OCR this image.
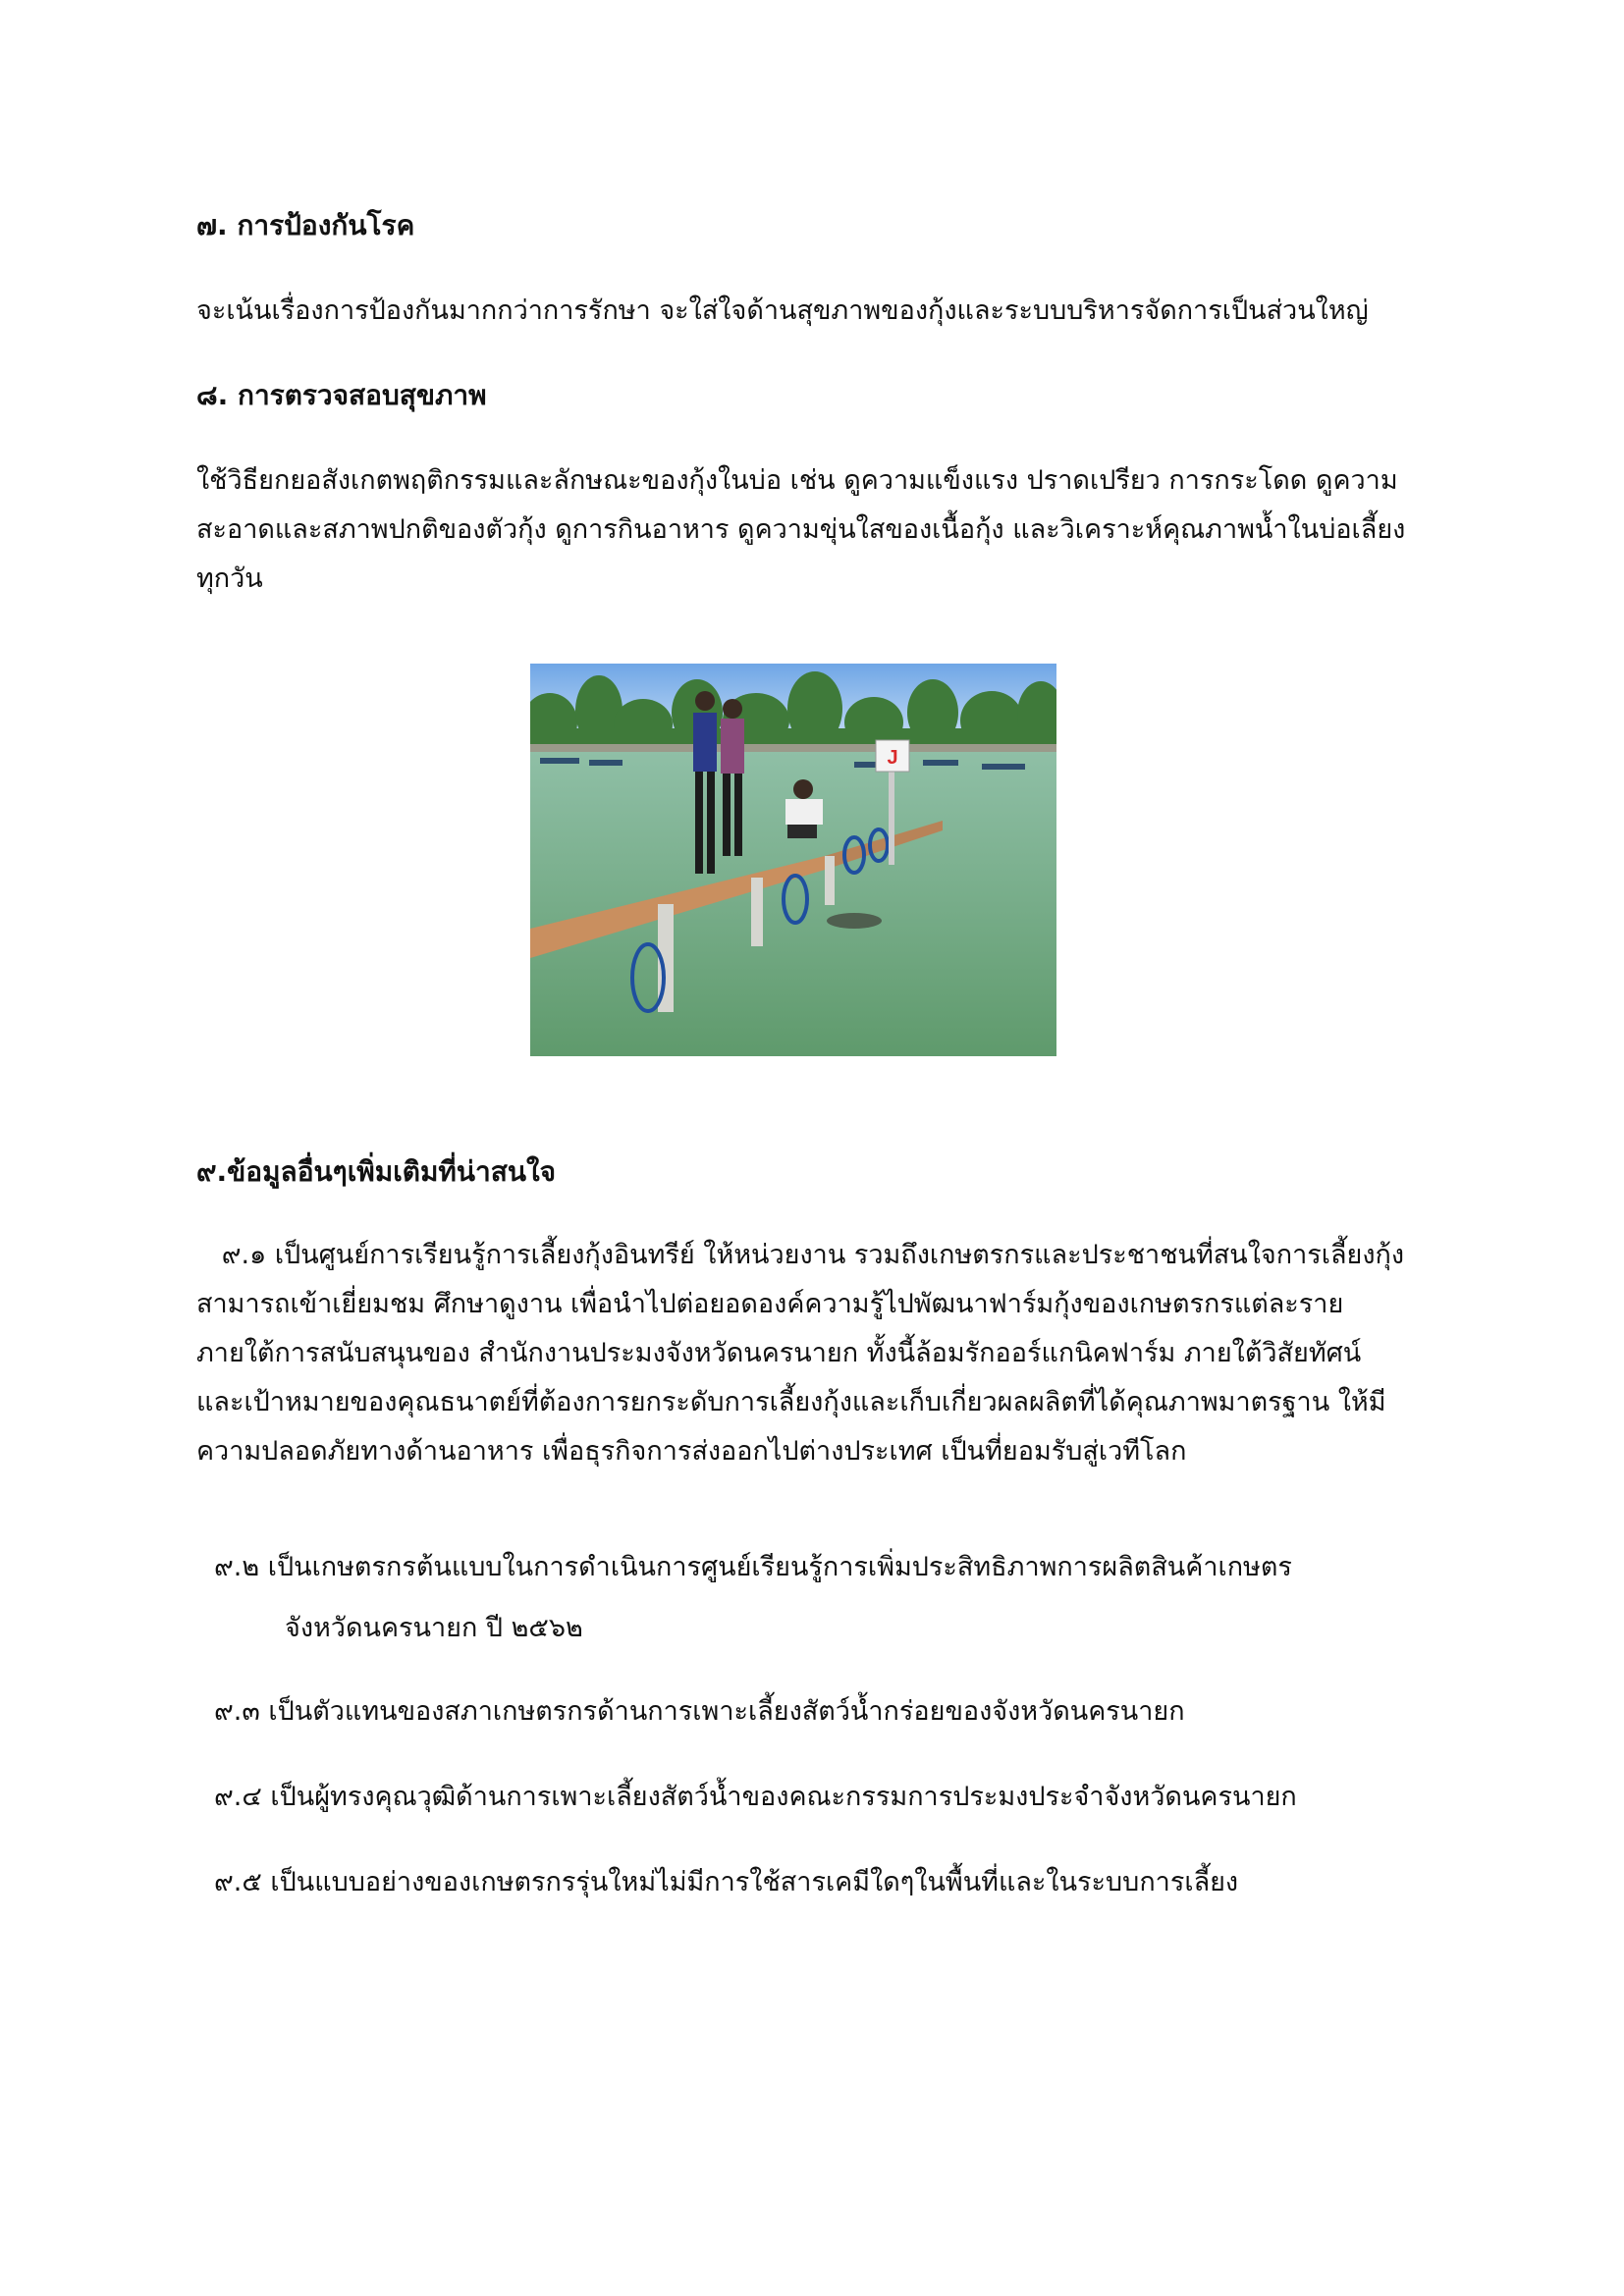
๗. การป้องกันโรค
จะเน้นเรื่องการป้องกันมากกว่าการรักษา จะใส่ใจด้านสุขภาพของกุ้งและระบบบริหารจัดการเป็นส่วนใหญ่
๘. การตรวจสอบสุขภาพ
ใช้วิธียกยอสังเกตพฤติกรรมและลักษณะของกุ้งในบ่อ เช่น ดูความแข็งแรง ปราดเปรียว การกระโดด ดูความ
สะอาดและสภาพปกติของตัวกุ้ง ดูการกินอาหาร ดูความขุ่นใสของเนื้อกุ้ง และวิเคราะห์คุณภาพน้ำในบ่อเลี้ยง
ทุกวัน
J
๙.ข้อมูลอื่นๆเพิ่มเติมที่น่าสนใจ
๙.๑ เป็นศูนย์การเรียนรู้การเลี้ยงกุ้งอินทรีย์ ให้หน่วยงาน รวมถึงเกษตรกรและประชาชนที่สนใจการเลี้ยงกุ้ง
สามารถเข้าเยี่ยมชม ศึกษาดูงาน เพื่อนำไปต่อยอดองค์ความรู้ไปพัฒนาฟาร์มกุ้งของเกษตรกรแต่ละราย
ภายใต้การสนับสนุนของ สำนักงานประมงจังหวัดนครนายก ทั้งนี้ล้อมรักออร์แกนิคฟาร์ม ภายใต้วิสัยทัศน์
และเป้าหมายของคุณธนาตย์ที่ต้องการยกระดับการเลี้ยงกุ้งและเก็บเกี่ยวผลผลิตที่ได้คุณภาพมาตรฐาน ให้มี
ความปลอดภัยทางด้านอาหาร เพื่อธุรกิจการส่งออกไปต่างประเทศ เป็นที่ยอมรับสู่เวทีโลก
๙.๒ เป็นเกษตรกรต้นแบบในการดำเนินการศูนย์เรียนรู้การเพิ่มประสิทธิภาพการผลิตสินค้าเกษตร
จังหวัดนครนายก ปี ๒๕๖๒
๙.๓ เป็นตัวแทนของสภาเกษตรกรด้านการเพาะเลี้ยงสัตว์น้ำกร่อยของจังหวัดนครนายก
๙.๔ เป็นผู้ทรงคุณวุฒิด้านการเพาะเลี้ยงสัตว์น้ำของคณะกรรมการประมงประจำจังหวัดนครนายก
๙.๕ เป็นแบบอย่างของเกษตรกรรุ่นใหม่ไม่มีการใช้สารเคมีใดๆในพื้นที่และในระบบการเลี้ยง
